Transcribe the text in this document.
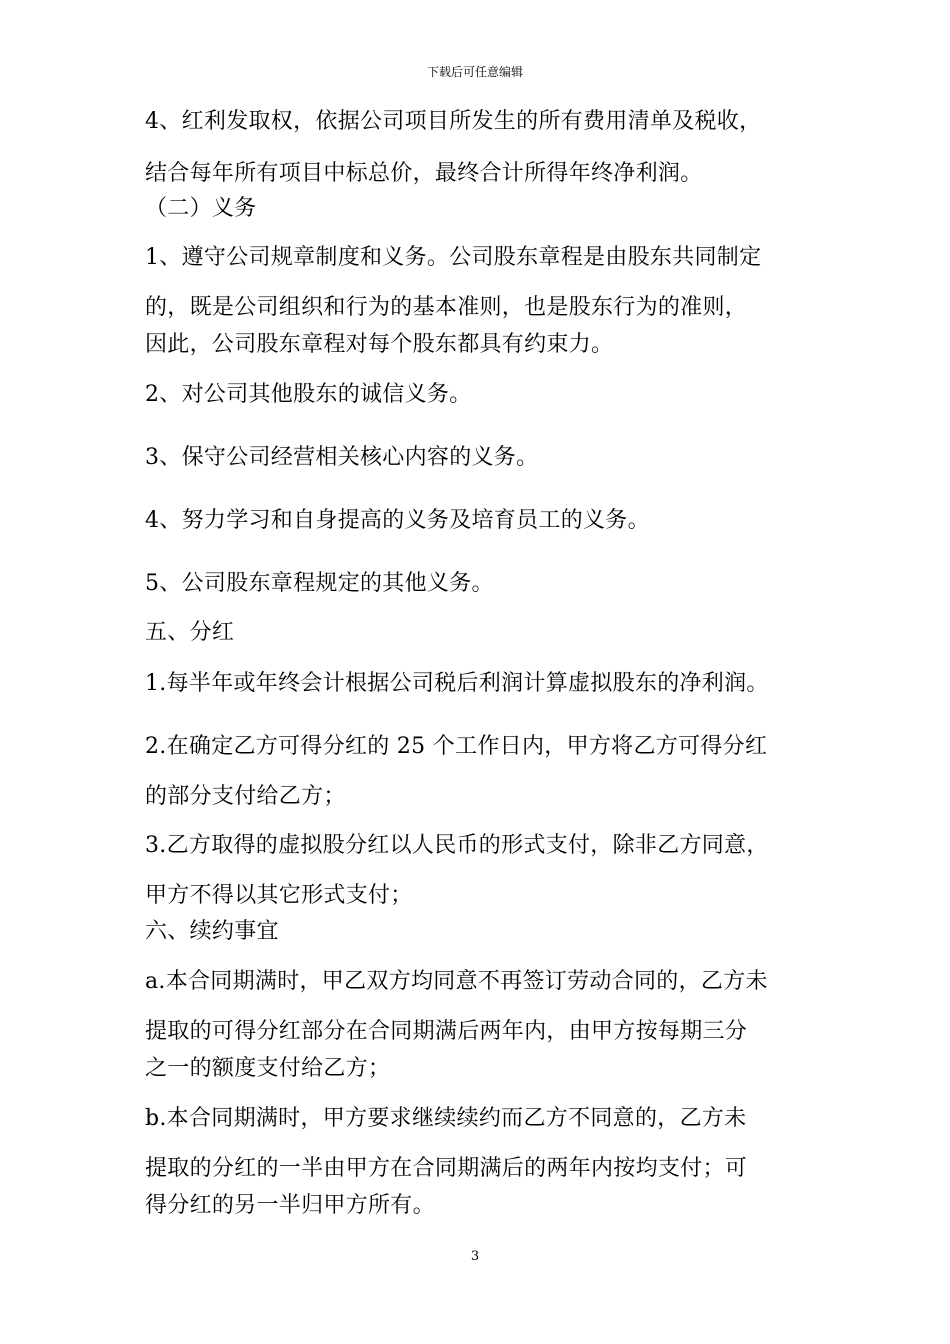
下载后可任意编辑
4、红利发取权，依据公司项目所发生的所有费用清单及税收，
结合每年所有项目中标总价，最终合计所得年终净利润。
（二）义务
1、遵守公司规章制度和义务。公司股东章程是由股东共同制定
的，既是公司组织和行为的基本准则，也是股东行为的准则，
因此，公司股东章程对每个股东都具有约束力。
2、对公司其他股东的诚信义务。
3、保守公司经营相关核心内容的义务。
4、努力学习和自身提高的义务及培育员工的义务。
5、公司股东章程规定的其他义务。
五、分红
1.每半年或年终会计根据公司税后利润计算虚拟股东的净利润。
2.在确定乙方可得分红的 25 个工作日内，甲方将乙方可得分红
的部分支付给乙方；
3.乙方取得的虚拟股分红以人民币的形式支付，除非乙方同意，
甲方不得以其它形式支付；
六、续约事宜
a.本合同期满时，甲乙双方均同意不再签订劳动合同的，乙方未
提取的可得分红部分在合同期满后两年内，由甲方按每期三分
之一的额度支付给乙方；
b.本合同期满时，甲方要求继续续约而乙方不同意的，乙方未
提取的分红的一半由甲方在合同期满后的两年内按均支付；可
得分红的另一半归甲方所有。
3
